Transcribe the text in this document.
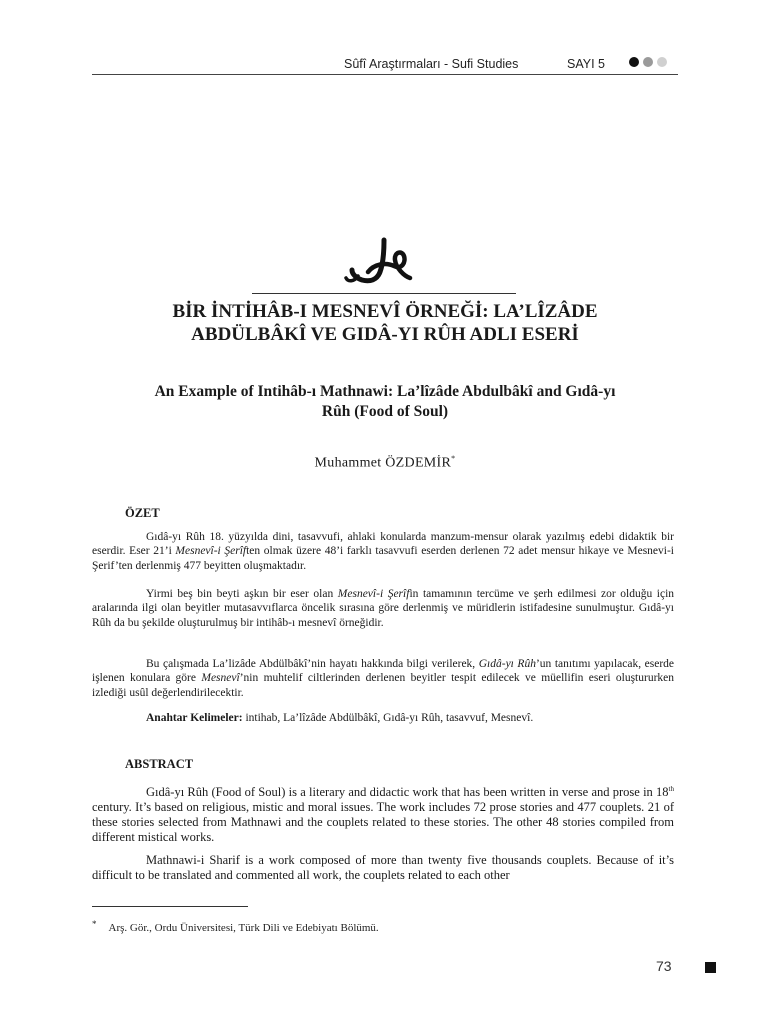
Sûfî Araştırmaları - Sufi Studies	SAYI 5
BİR İNTİHÂB-I MESNEVÎ ÖRNEĞİ: LA’LÎZÂDE
ABDÜLBÂKÎ VE GIDÂ-YI RÛH ADLI ESERİ
An Example of Intihâb-ı Mathnawi: La’lîzâde Abdulbâkî and Gıdâ-yı
Rûh (Food of Soul)
Muhammet ÖZDEMİR*
ÖZET

Gıdâ-yı Rûh 18. yüzyılda dini, tasavvufi, ahlaki konularda manzum-mensur olarak yazılmış edebi didaktik bir eserdir. Eser 21’i Mesnevî-i Şerîften olmak üzere 48’i farklı tasavvufi eserden derlenen 72 adet mensur hikaye ve Mesnevi-i Şerif’ten derlenmiş 477 beyitten oluşmaktadır.

Yirmi beş bin beyti aşkın bir eser olan Mesnevî-i Şerîfin tamamının tercüme ve şerh edilmesi zor olduğu için aralarında ilgi olan beyitler mutasavvıflarca öncelik sırasına göre derlenmiş ve müridlerin istifadesine sunulmuştur. Gıdâ-yı Rûh da bu şekilde oluşturulmuş bir intihâb-ı mesnevî örneğidir.

Bu çalışmada La’lizâde Abdülbâkî’nin hayatı hakkında bilgi verilerek, Gıdâ-yı Rûh’un tanıtımı yapılacak, eserde işlenen konulara göre Mesnevî’nin muhtelif ciltlerinden derlenen beyitler tespit edilecek ve müellifin eseri oluştururken izlediği usûl değerlendirilecektir.

Anahtar Kelimeler: intihab, La’lîzâde Abdülbâkî, Gıdâ-yı Rûh, tasavvuf, Mesnevî.

ABSTRACT

Gıdâ-yı Rûh (Food of Soul) is a literary and didactic work that has been written in verse and prose in 18th century. It’s based on religious, mistic and moral issues. The work includes 72 prose stories and 477 couplets. 21 of these stories selected from Mathnawi and the couplets related to these stories. The other 48 stories compiled from different mistical works.

Mathnawi-i Sharif is a work composed of more than twenty five thousands couplets. Because of it’s difficult to be translated and commented all work, the couplets related to each other

* Arş. Gör., Ordu Üniversitesi, Türk Dili ve Edebiyatı Bölümü.
73
